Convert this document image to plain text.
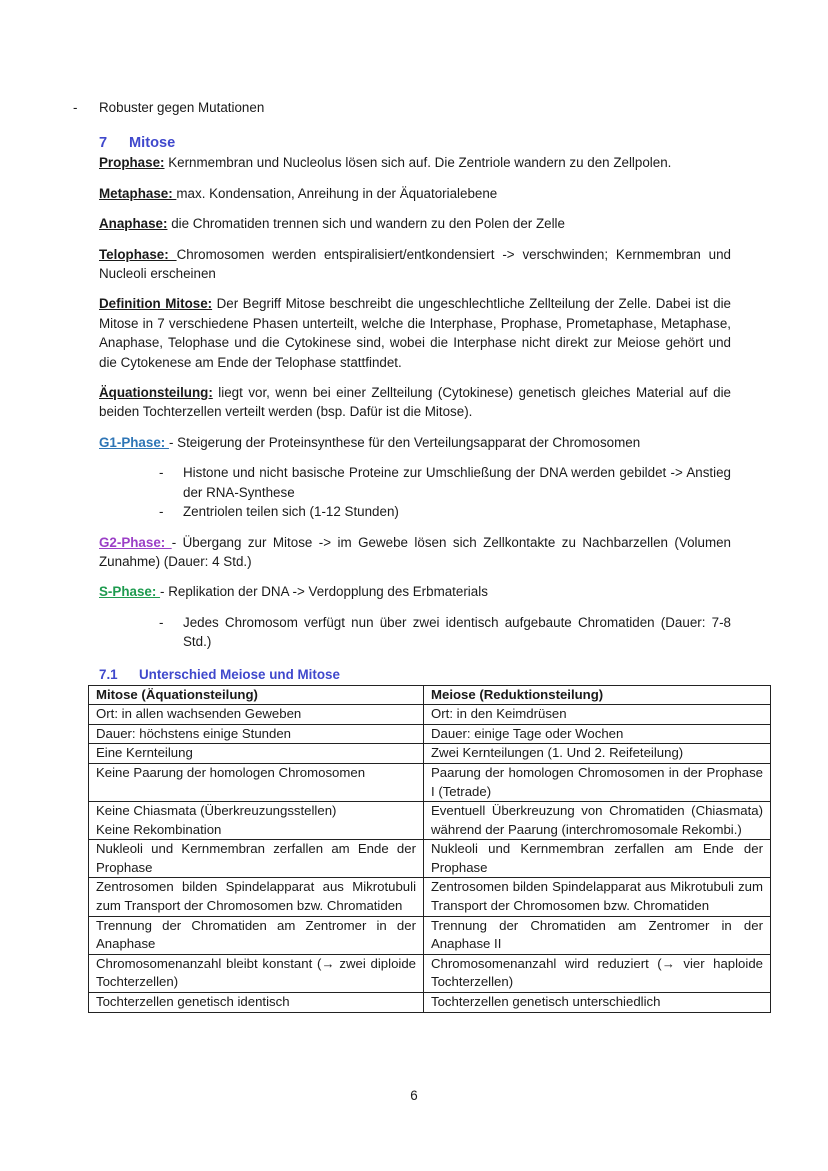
- Robuster gegen Mutationen

7 Mitose

Prophase: Kernmembran und Nucleolus lösen sich auf. Die Zentriole wandern zu den Zellpolen.

Metaphase: max. Kondensation, Anreihung in der Äquatorialebene

Anaphase: die Chromatiden trennen sich und wandern zu den Polen der Zelle

Telophase: Chromosomen werden entspiralisiert/entkondensiert -> verschwinden; Kernmembran und Nucleoli erscheinen

Definition Mitose: Der Begriff Mitose beschreibt die ungeschlechtliche Zellteilung der Zelle. Dabei ist die Mitose in 7 verschiedene Phasen unterteilt, welche die Interphase, Prophase, Prometaphase, Metaphase, Anaphase, Telophase und die Cytokinese sind, wobei die Interphase nicht direkt zur Meiose gehört und die Cytokenese am Ende der Telophase stattfindet.

Äquationsteilung: liegt vor, wenn bei einer Zellteilung (Cytokinese) genetisch gleiches Material auf die beiden Tochterzellen verteilt werden (bsp. Dafür ist die Mitose).

G1-Phase: - Steigerung der Proteinsynthese für den Verteilungsapparat der Chromosomen

- Histone und nicht basische Proteine zur Umschließung der DNA werden gebildet -> Anstieg der RNA-Synthese

- Zentriolen teilen sich (1-12 Stunden)

G2-Phase: - Übergang zur Mitose -> im Gewebe lösen sich Zellkontakte zu Nachbarzellen (Volumen Zunahme) (Dauer: 4 Std.)

S-Phase: - Replikation der DNA -> Verdopplung des Erbmaterials

- Jedes Chromosom verfügt nun über zwei identisch aufgebaute Chromatiden (Dauer: 7-8 Std.)

7.1 Unterschied Meiose und Mitose
Mitose (Äquationsteilung)	Meiose (Reduktionsteilung)
Ort: in allen wachsenden Geweben	Ort: in den Keimdrüsen
Dauer: höchstens einige Stunden	Dauer: einige Tage oder Wochen
Eine Kernteilung	Zwei Kernteilungen (1. Und 2. Reifeteilung)
Keine Paarung der homologen Chromosomen	Paarung der homologen Chromosomen in der Prophase I (Tetrade)
Keine Chiasmata (Überkreuzungsstellen)
Keine Rekombination	Eventuell Überkreuzung von Chromatiden (Chiasmata) während der Paarung (interchromosomale Rekombi.)
Nukleoli und Kernmembran zerfallen am Ende der Prophase	Nukleoli und Kernmembran zerfallen am Ende der Prophase
Zentrosomen bilden Spindelapparat aus Mikrotubuli zum Transport der Chromosomen bzw. Chromatiden	Zentrosomen bilden Spindelapparat aus Mikrotubuli zum Transport der Chromosomen bzw. Chromatiden
Trennung der Chromatiden am Zentromer in der Anaphase	Trennung der Chromatiden am Zentromer in der Anaphase II
Chromosomenanzahl bleibt konstant (→ zwei diploide Tochterzellen)	Chromosomenanzahl wird reduziert (→ vier haploide Tochterzellen)
Tochterzellen genetisch identisch	Tochterzellen genetisch unterschiedlich
6
